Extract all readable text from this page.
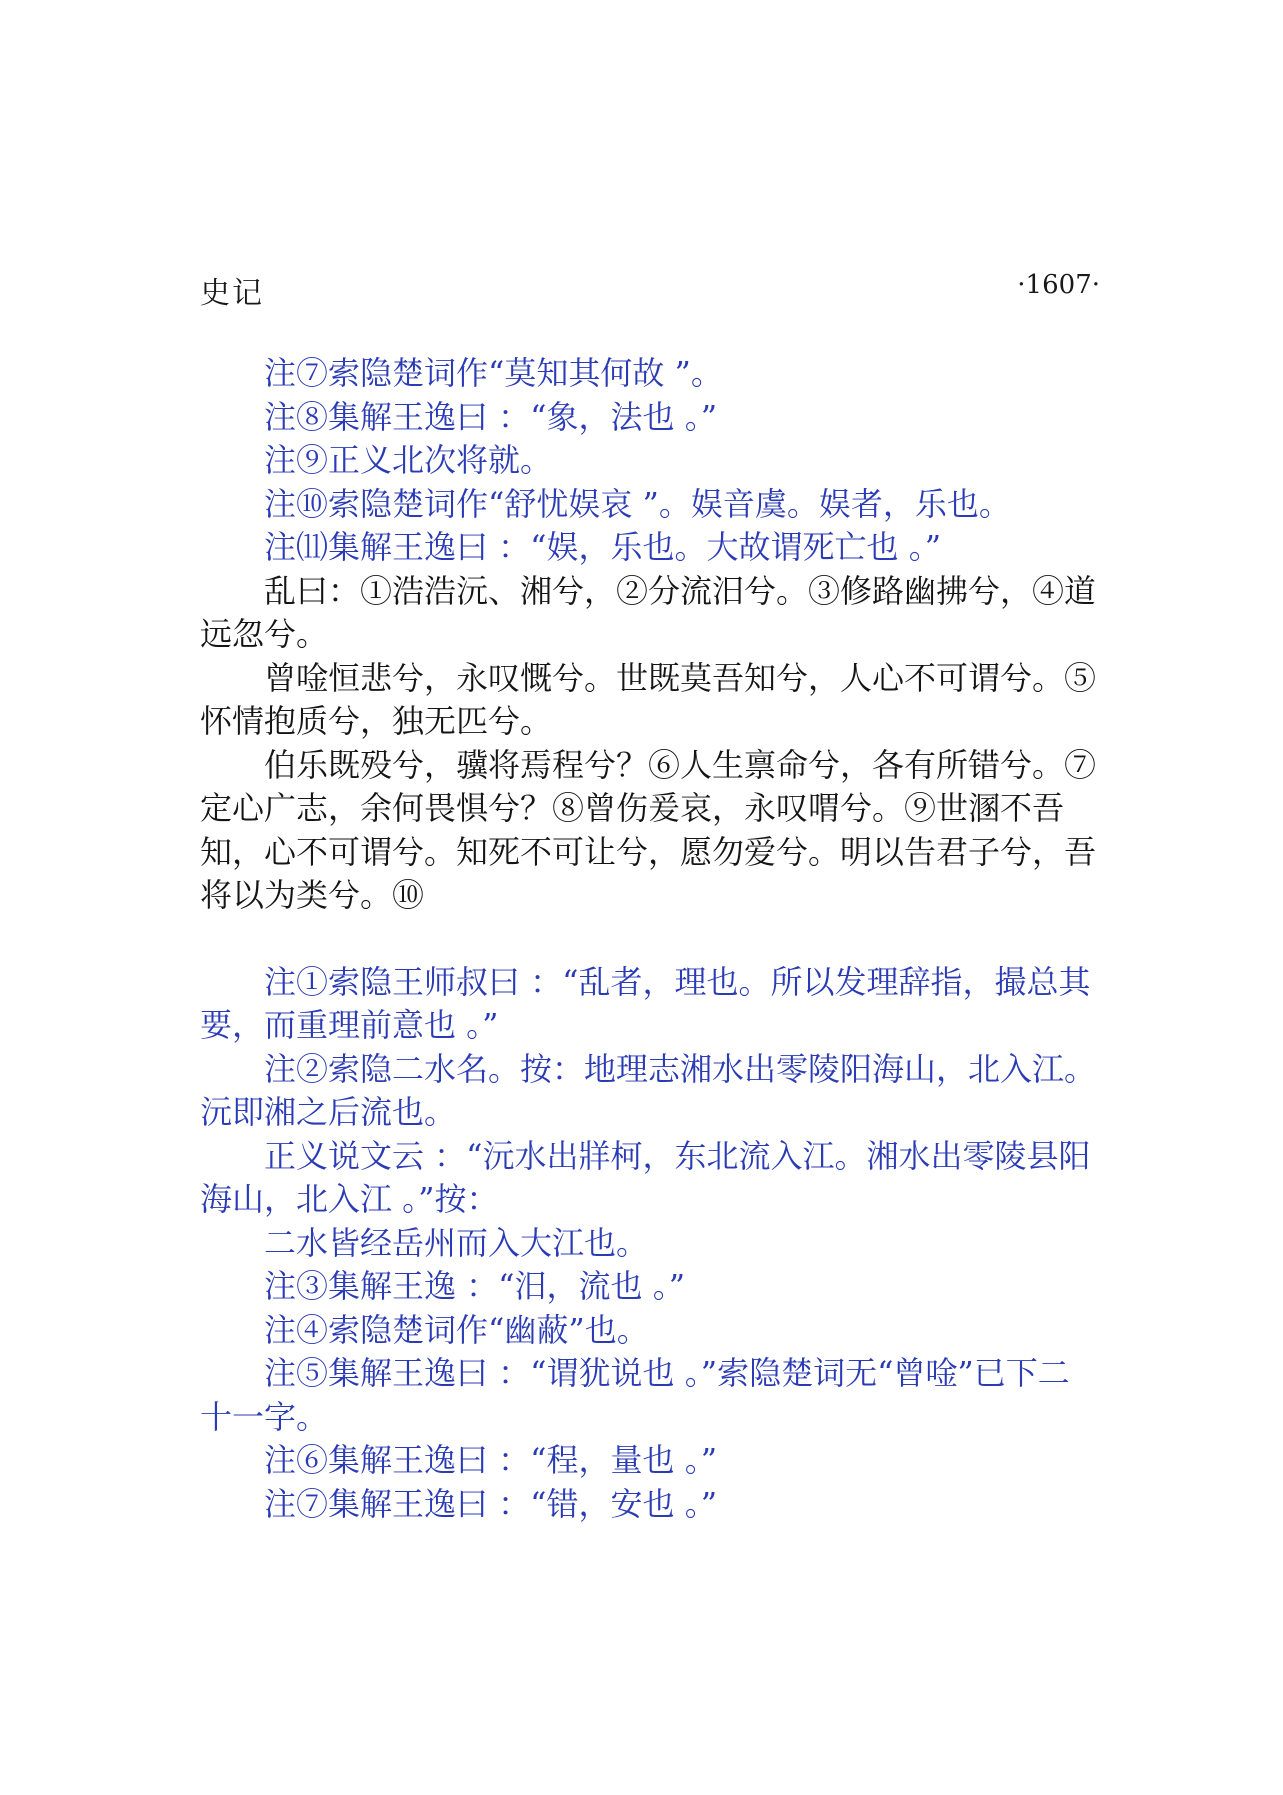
史记	·1607·

注⑦索隐楚词作“莫知其何故 ”。

注⑧集解王逸曰 ：“象，法也 。”

注⑨正义北次将就。

注⑩索隐楚词作“舒忧娱哀 ”。娱音虞。娱者，乐也。

注⑾集解王逸曰 ：“娱，乐也。大故谓死亡也 。”

乱曰：①浩浩沅、湘兮，②分流汨兮。③修路幽拂兮，④道远忽兮。

曾唫恒悲兮，永叹慨兮。世既莫吾知兮，人心不可谓兮。⑤怀情抱质兮，独无匹兮。

伯乐既殁兮，骥将焉程兮？⑥人生禀命兮，各有所错兮。⑦定心广志，余何畏惧兮？⑧曾伤爰哀，永叹喟兮。⑨世溷不吾知，心不可谓兮。知死不可让兮，愿勿爱兮。明以告君子兮，吾将以为类兮。⑩

注①索隐王师叔曰 ：“乱者，理也。所以发理辞指，撮总其要，而重理前意也 。”

注②索隐二水名。按：地理志湘水出零陵阳海山，北入江。沅即湘之后流也。

正义说文云 ：“沅水出牂柯，东北流入江。湘水出零陵县阳海山，北入江 。”按：

二水皆经岳州而入大江也。

注③集解王逸 ：“汨，流也 。”

注④索隐楚词作“幽蔽”也。

注⑤集解王逸曰 ：“谓犹说也 。”索隐楚词无“曾唫”已下二十一字。

注⑥集解王逸曰 ：“程，量也 。”

注⑦集解王逸曰 ：“错，安也 。”
